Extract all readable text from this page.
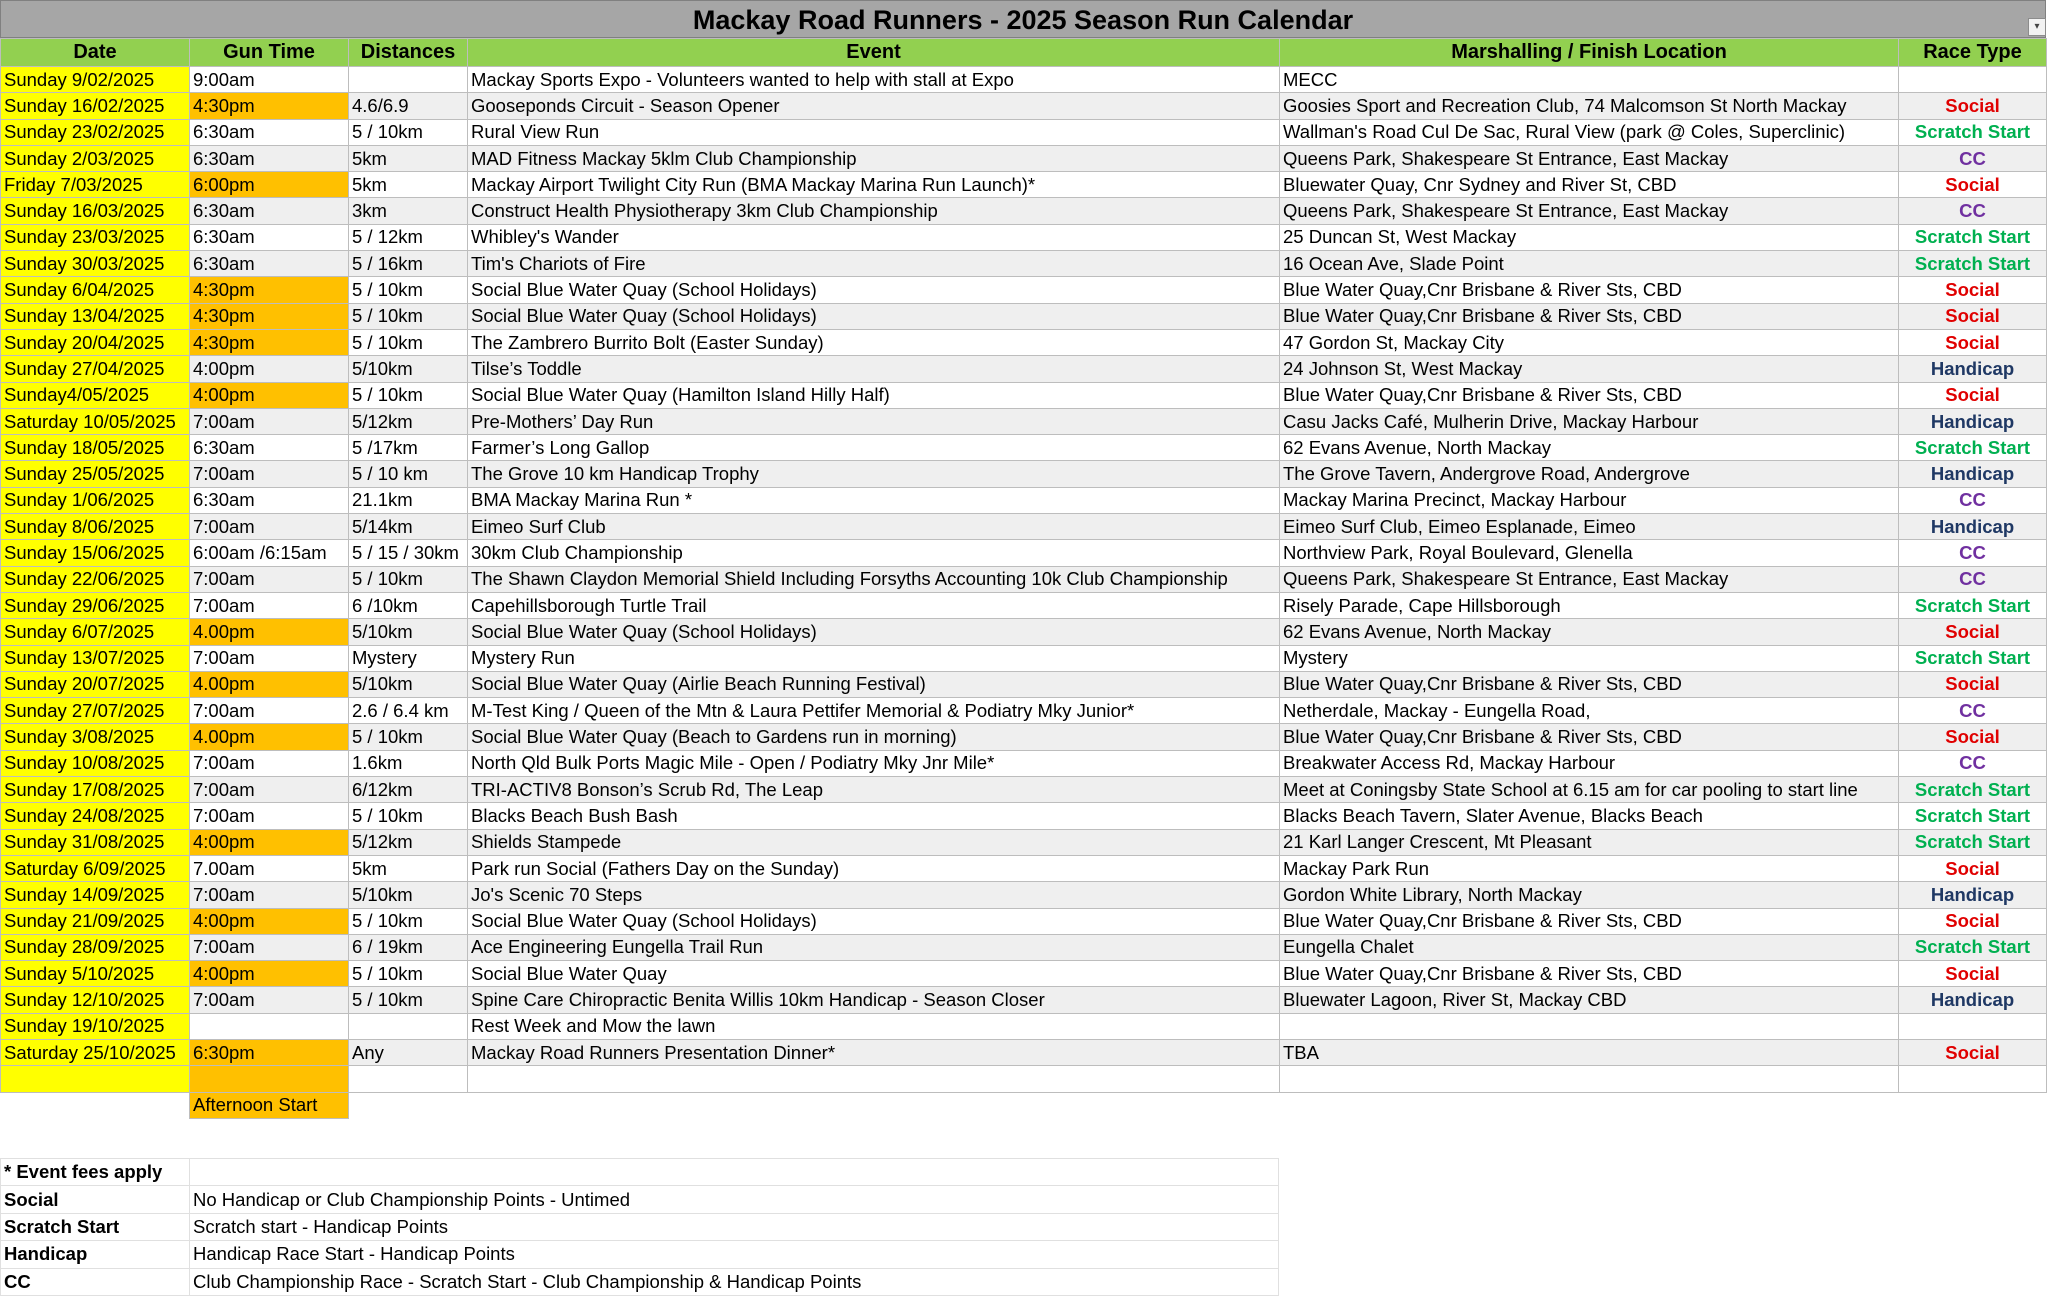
Mackay Road Runners - 2025 Season Run Calendar	▾
Date	Gun Time	Distances	Event	Marshalling / Finish Location	Race Type
Sunday 9/02/2025	9:00am		Mackay Sports Expo - Volunteers wanted to help with stall at Expo	MECC	
Sunday 16/02/2025	4:30pm	4.6/6.9	Gooseponds Circuit - Season Opener	Goosies Sport and Recreation Club, 74 Malcomson St North Mackay	Social
Sunday 23/02/2025	6:30am	5 / 10km	Rural View Run	Wallman's Road Cul De Sac, Rural View (park @ Coles, Superclinic)	Scratch Start
Sunday 2/03/2025	6:30am	5km	MAD Fitness Mackay 5klm Club Championship	Queens Park, Shakespeare St Entrance, East Mackay	CC
Friday 7/03/2025	6:00pm	5km	Mackay Airport Twilight City Run (BMA Mackay Marina Run Launch)*	Bluewater Quay, Cnr Sydney and River St, CBD	Social
Sunday 16/03/2025	6:30am	3km	Construct Health Physiotherapy 3km Club Championship	Queens Park, Shakespeare St Entrance, East Mackay	CC
Sunday 23/03/2025	6:30am	5 / 12km	Whibley's Wander	25 Duncan St, West Mackay	Scratch Start
Sunday 30/03/2025	6:30am	5 / 16km	Tim's Chariots of Fire	16 Ocean Ave, Slade Point	Scratch Start
Sunday 6/04/2025	4:30pm	5 / 10km	Social Blue Water Quay (School Holidays)	Blue Water Quay,Cnr Brisbane & River Sts, CBD	Social
Sunday 13/04/2025	4:30pm	5 / 10km	Social Blue Water Quay (School Holidays)	Blue Water Quay,Cnr Brisbane & River Sts, CBD	Social
Sunday 20/04/2025	4:30pm	5 / 10km	The Zambrero Burrito Bolt (Easter Sunday)	47 Gordon St, Mackay City	Social
Sunday 27/04/2025	4:00pm	5/10km	Tilse’s Toddle	24 Johnson St, West Mackay	Handicap
Sunday4/05/2025	4:00pm	5 / 10km	Social Blue Water Quay (Hamilton Island Hilly Half)	Blue Water Quay,Cnr Brisbane & River Sts, CBD	Social
Saturday 10/05/2025	7:00am	5/12km	Pre-Mothers’ Day Run	Casu Jacks Café, Mulherin Drive, Mackay Harbour	Handicap
Sunday 18/05/2025	6:30am	5 /17km	Farmer’s Long Gallop	62 Evans Avenue, North Mackay	Scratch Start
Sunday 25/05/2025	7:00am	5 / 10 km	The Grove 10 km Handicap Trophy	The Grove Tavern, Andergrove Road, Andergrove	Handicap
Sunday 1/06/2025	6:30am	21.1km	BMA Mackay Marina Run *	Mackay Marina Precinct, Mackay Harbour	CC
Sunday 8/06/2025	7:00am	5/14km	Eimeo Surf Club	Eimeo Surf Club, Eimeo Esplanade, Eimeo	Handicap
Sunday 15/06/2025	6:00am /6:15am	5 / 15 / 30km	30km Club Championship	Northview Park, Royal Boulevard, Glenella	CC
Sunday 22/06/2025	7:00am	5 / 10km	The Shawn Claydon Memorial Shield Including Forsyths Accounting 10k Club Championship	Queens Park, Shakespeare St Entrance, East Mackay	CC
Sunday 29/06/2025	7:00am	6 /10km	Capehillsborough Turtle Trail	Risely Parade, Cape Hillsborough	Scratch Start
Sunday 6/07/2025	4.00pm	5/10km	Social Blue Water Quay (School Holidays)	62 Evans Avenue, North Mackay	Social
Sunday 13/07/2025	7:00am	Mystery	Mystery Run	Mystery	Scratch Start
Sunday 20/07/2025	4.00pm	5/10km	Social Blue Water Quay (Airlie Beach Running Festival)	Blue Water Quay,Cnr Brisbane & River Sts, CBD	Social
Sunday 27/07/2025	7:00am	2.6 / 6.4 km	M-Test King / Queen of the Mtn & Laura Pettifer Memorial & Podiatry Mky Junior*	Netherdale, Mackay - Eungella Road,	CC
Sunday 3/08/2025	4.00pm	5 / 10km	Social Blue Water Quay (Beach to Gardens run in morning)	Blue Water Quay,Cnr Brisbane & River Sts, CBD	Social
Sunday 10/08/2025	7:00am	1.6km	North Qld Bulk Ports Magic Mile - Open / Podiatry Mky Jnr Mile*	Breakwater Access Rd, Mackay Harbour	CC
Sunday 17/08/2025	7:00am	6/12km	TRI-ACTIV8 Bonson’s Scrub Rd, The Leap	Meet at Coningsby State School at 6.15 am for car pooling to start line	Scratch Start
Sunday 24/08/2025	7:00am	5 / 10km	Blacks Beach Bush Bash	Blacks Beach Tavern, Slater Avenue, Blacks Beach	Scratch Start
Sunday 31/08/2025	4:00pm	5/12km	Shields Stampede	21 Karl Langer Crescent, Mt Pleasant	Scratch Start
Saturday 6/09/2025	7.00am	5km	Park run Social (Fathers Day on the Sunday)	Mackay Park Run	Social
Sunday 14/09/2025	7:00am	5/10km	Jo's Scenic 70 Steps	Gordon White Library, North Mackay	Handicap
Sunday 21/09/2025	4:00pm	5 / 10km	Social Blue Water Quay (School Holidays)	Blue Water Quay,Cnr Brisbane & River Sts, CBD	Social
Sunday 28/09/2025	7:00am	6 / 19km	Ace Engineering Eungella Trail Run	Eungella Chalet	Scratch Start
Sunday 5/10/2025	4:00pm	5 / 10km	Social Blue Water Quay	Blue Water Quay,Cnr Brisbane & River Sts, CBD	Social
Sunday 12/10/2025	7:00am	5 / 10km	Spine Care Chiropractic Benita Willis 10km Handicap - Season Closer	Bluewater Lagoon, River St, Mackay CBD	Handicap
Sunday 19/10/2025			Rest Week and Mow the lawn		
Saturday 25/10/2025	6:30pm	Any	Mackay Road Runners Presentation Dinner*	TBA	Social

	Afternoon Start				
* Event fees apply	
Social	No Handicap or Club Championship Points - Untimed
Scratch Start	Scratch start - Handicap Points
Handicap	Handicap Race Start - Handicap Points
CC	Club Championship Race - Scratch Start - Club Championship & Handicap Points
